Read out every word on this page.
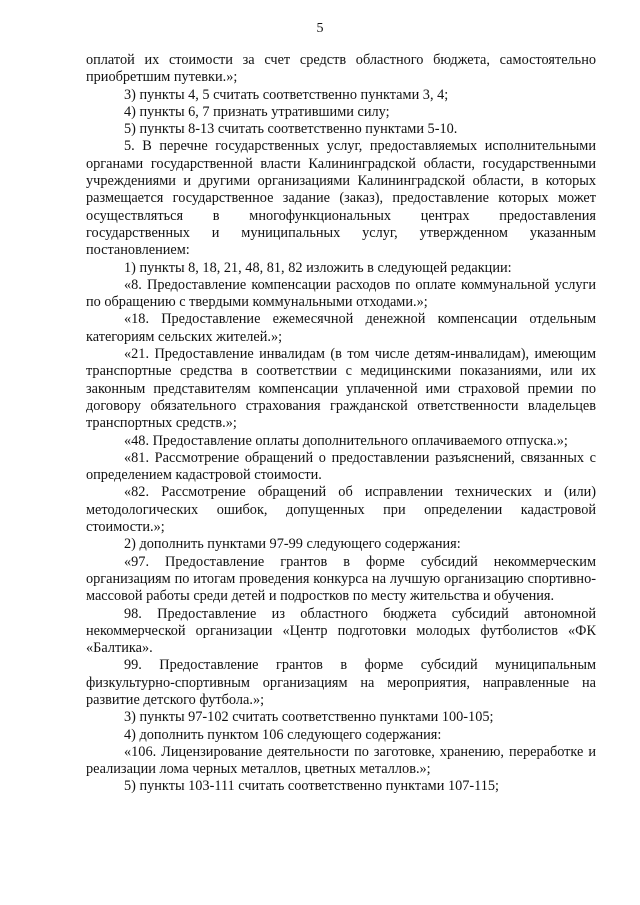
5

оплатой их стоимости за счет средств областного бюджета, самостоятельно приобретшим путевки.»;

3) пункты 4, 5 считать соответственно пунктами 3, 4;

4) пункты 6, 7 признать утратившими силу;

5) пункты 8-13 считать соответственно пунктами 5-10.

5. В перечне государственных услуг, предоставляемых исполнительными органами государственной власти Калининградской области, государственными учреждениями и другими организациями Калининградской области, в которых размещается государственное задание (заказ), предоставление которых может осуществляться в многофункциональных центрах предоставления государственных и муниципальных услуг, утвержденном указанным постановлением:

1) пункты 8, 18, 21, 48, 81, 82 изложить в следующей редакции:

«8. Предоставление компенсации расходов по оплате коммунальной услуги по обращению с твердыми коммунальными отходами.»;

«18. Предоставление ежемесячной денежной компенсации отдельным категориям сельских жителей.»;

«21. Предоставление инвалидам (в том числе детям-инвалидам), имеющим транспортные средства в соответствии с медицинскими показаниями, или их законным представителям компенсации уплаченной ими страховой премии по договору обязательного страхования гражданской ответственности владельцев транспортных средств.»;

«48. Предоставление оплаты дополнительного оплачиваемого отпуска.»;

«81. Рассмотрение обращений о предоставлении разъяснений, связанных с определением кадастровой стоимости.

«82. Рассмотрение обращений об исправлении технических и (или) методологических ошибок, допущенных при определении кадастровой стоимости.»;

2) дополнить пунктами 97-99 следующего содержания:

«97. Предоставление грантов в форме субсидий некоммерческим организациям по итогам проведения конкурса на лучшую организацию спортивно-массовой работы среди детей и подростков по месту жительства и обучения.

98. Предоставление из областного бюджета субсидий автономной некоммерческой организации «Центр подготовки молодых футболистов «ФК «Балтика».

99. Предоставление грантов в форме субсидий муниципальным физкультурно-спортивным организациям на мероприятия, направленные на развитие детского футбола.»;

3) пункты 97-102 считать соответственно пунктами 100-105;

4) дополнить пунктом 106 следующего содержания:

«106. Лицензирование деятельности по заготовке, хранению, переработке и реализации лома черных металлов, цветных металлов.»;

5) пункты 103-111 считать соответственно пунктами 107-115;
